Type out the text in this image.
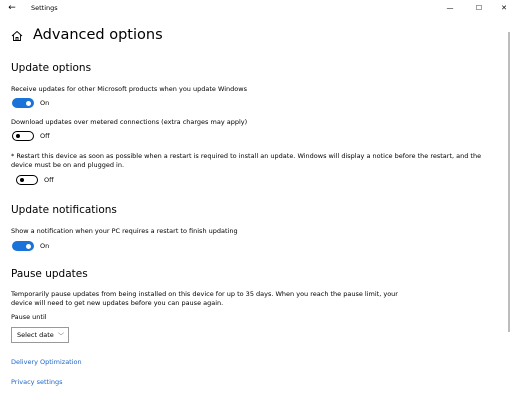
← Settings	—	☐	✕
Advanced options
Update options
Receive updates for other Microsoft products when you update Windows
On
Download updates over metered connections (extra charges may apply)
Off
* Restart this device as soon as possible when a restart is required to install an update. Windows will display a notice before the restart, and the device must be on and plugged in.
Off
Update notifications
Show a notification when your PC requires a restart to finish updating
On
Pause updates
Temporarily pause updates from being installed on this device for up to 35 days. When you reach the pause limit, your device will need to get new updates before you can pause again.
Pause until
Select date ﹀
Delivery Optimization
Privacy settings
